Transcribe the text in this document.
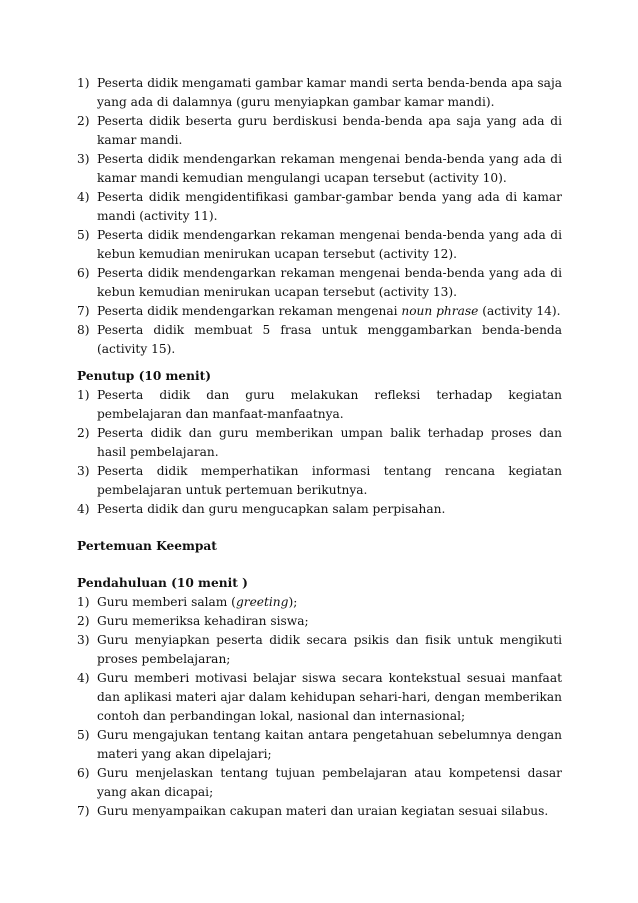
1) Peserta didik mengamati gambar kamar mandi serta benda-benda apa saja yang ada di dalamnya (guru menyiapkan gambar kamar mandi).
2) Peserta didik beserta guru berdiskusi benda-benda apa saja yang ada di kamar mandi.
3) Peserta didik mendengarkan rekaman mengenai benda-benda yang ada di kamar mandi kemudian mengulangi ucapan tersebut (activity 10).
4) Peserta didik mengidentifikasi gambar-gambar benda yang ada di kamar mandi (activity 11).
5) Peserta didik mendengarkan rekaman mengenai benda-benda yang ada di kebun kemudian menirukan ucapan tersebut (activity 12).
6) Peserta didik mendengarkan rekaman mengenai benda-benda yang ada di kebun kemudian menirukan ucapan tersebut (activity 13).
7) Peserta didik mendengarkan rekaman mengenai noun phrase (activity 14).
8) Peserta didik membuat 5 frasa untuk menggambarkan benda-benda (activity 15).

Penutup (10 menit)

1) Peserta didik dan guru melakukan refleksi terhadap kegiatan pembelajaran dan manfaat-manfaatnya.
2) Peserta didik dan guru memberikan umpan balik terhadap proses dan hasil pembelajaran.
3) Peserta didik memperhatikan informasi tentang rencana kegiatan pembelajaran untuk pertemuan berikutnya.
4) Peserta didik dan guru mengucapkan salam perpisahan.

Pertemuan Keempat

Pendahuluan (10 menit )

1) Guru memberi salam (greeting);
2) Guru memeriksa kehadiran siswa;
3) Guru menyiapkan peserta didik secara psikis dan fisik untuk mengikuti proses pembelajaran;
4) Guru memberi motivasi belajar siswa secara kontekstual sesuai manfaat dan aplikasi materi ajar dalam kehidupan sehari-hari, dengan memberikan contoh dan perbandingan lokal, nasional dan internasional;
5) Guru mengajukan tentang kaitan antara pengetahuan sebelumnya dengan materi yang akan dipelajari;
6) Guru menjelaskan tentang tujuan pembelajaran atau kompetensi dasar yang akan dicapai;
7) Guru menyampaikan cakupan materi dan uraian kegiatan sesuai silabus.
